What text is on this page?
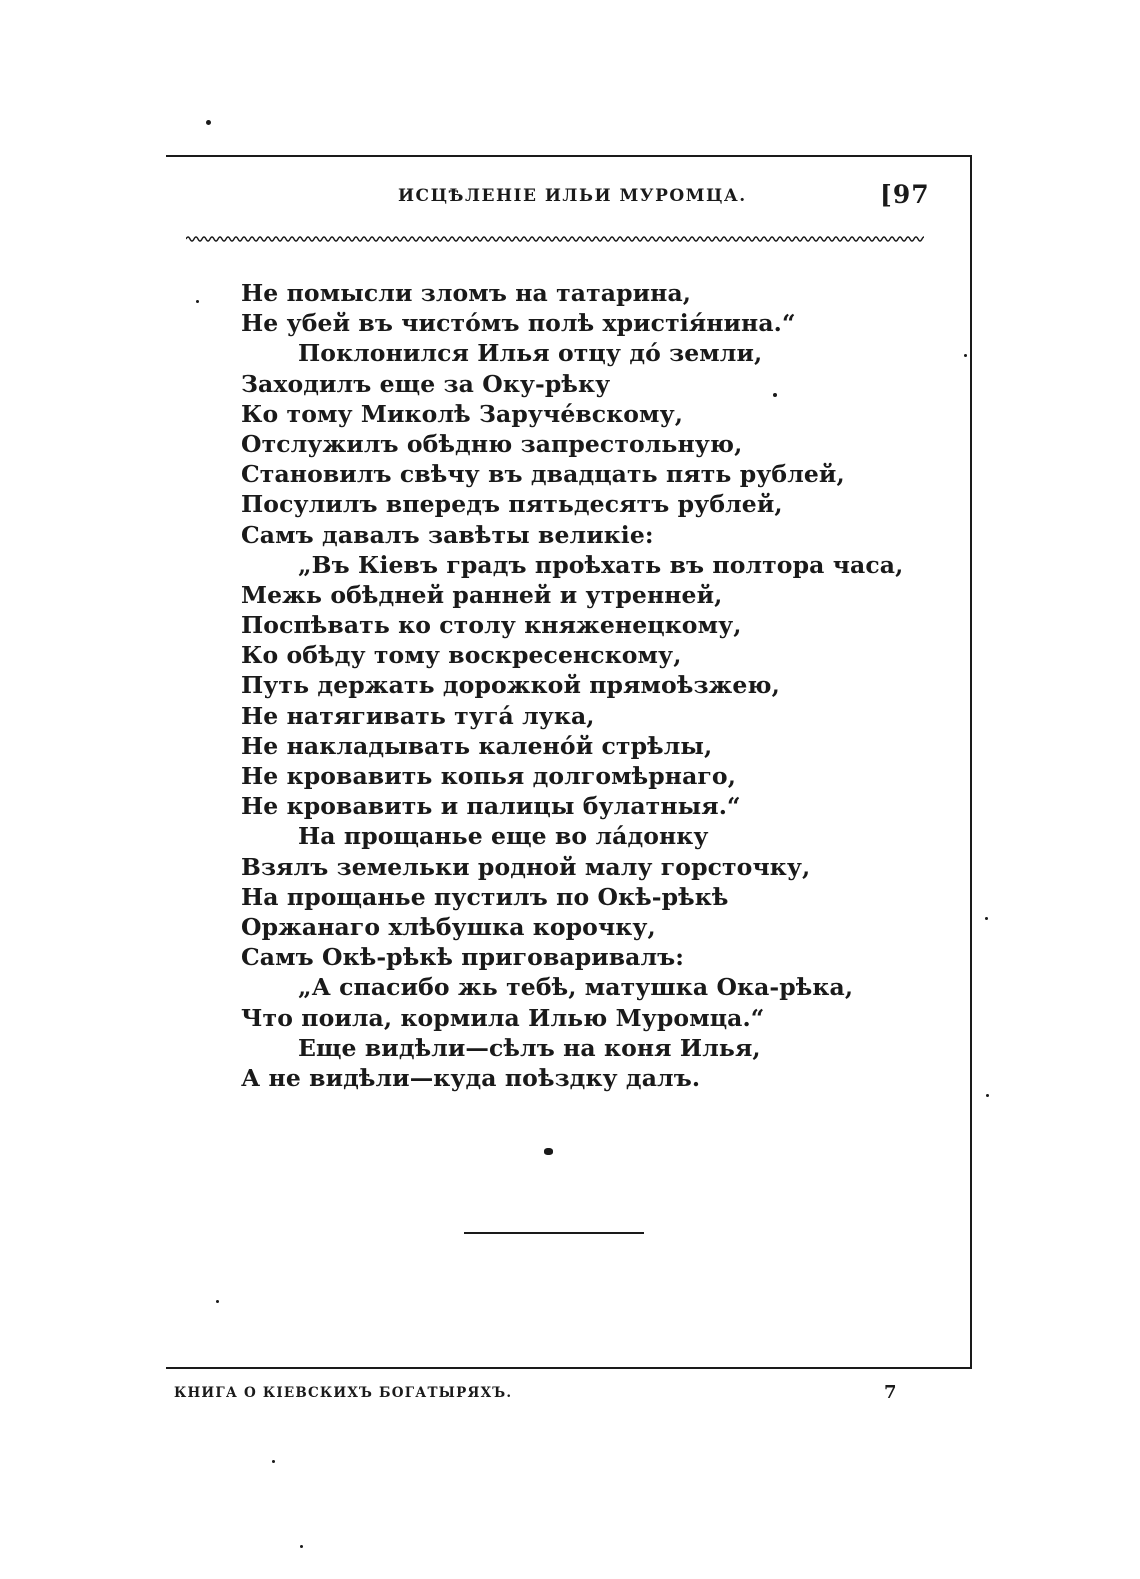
ИСЦѢЛЕНІЕ ИЛЬИ МУРОМЦА.	[97
Не помысли зломъ на татарина,
Не убей въ чистóмъ полѣ христія́нина.“
Поклонился Илья отцу дó земли,
Заходилъ еще за Оку-рѣку
Ко тому Миколѣ Заручéвскому,
Отслужилъ обѣдню запрестольную,
Становилъ свѣчу въ двадцать пять рублей,
Посулилъ впередъ пятьдесятъ рублей,
Самъ давалъ завѣты великіе:
„Въ Кіевъ градъ проѣхать въ полтора часа,
Межь обѣдней ранней и утренней,
Поспѣвать ко столу княженецкому,
Ко обѣду тому воскресенскому,
Путь держать дорожкой прямоѣзжею,
Не натягивать тугá лука,
Не накладывать каленóй стрѣлы,
Не кровавить копья долгомѣрнаго,
Не кровавить и палицы булатныя.“
На прощанье еще во лáдонку
Взялъ земельки родной малу горсточку,
На прощанье пустилъ по Окѣ-рѣкѣ
Оржанаго хлѣбушка корочку,
Самъ Окѣ-рѣкѣ приговаривалъ:
„А спасибо жь тебѣ, матушка Ока-рѣка,
Что поила, кормила Илью Муромца.“
Еще видѣли—сѣлъ на коня Илья,
А не видѣли—куда поѣздку далъ.
КНИГА О КІЕВСКИХЪ БОГАТЫРЯХЪ.	7
